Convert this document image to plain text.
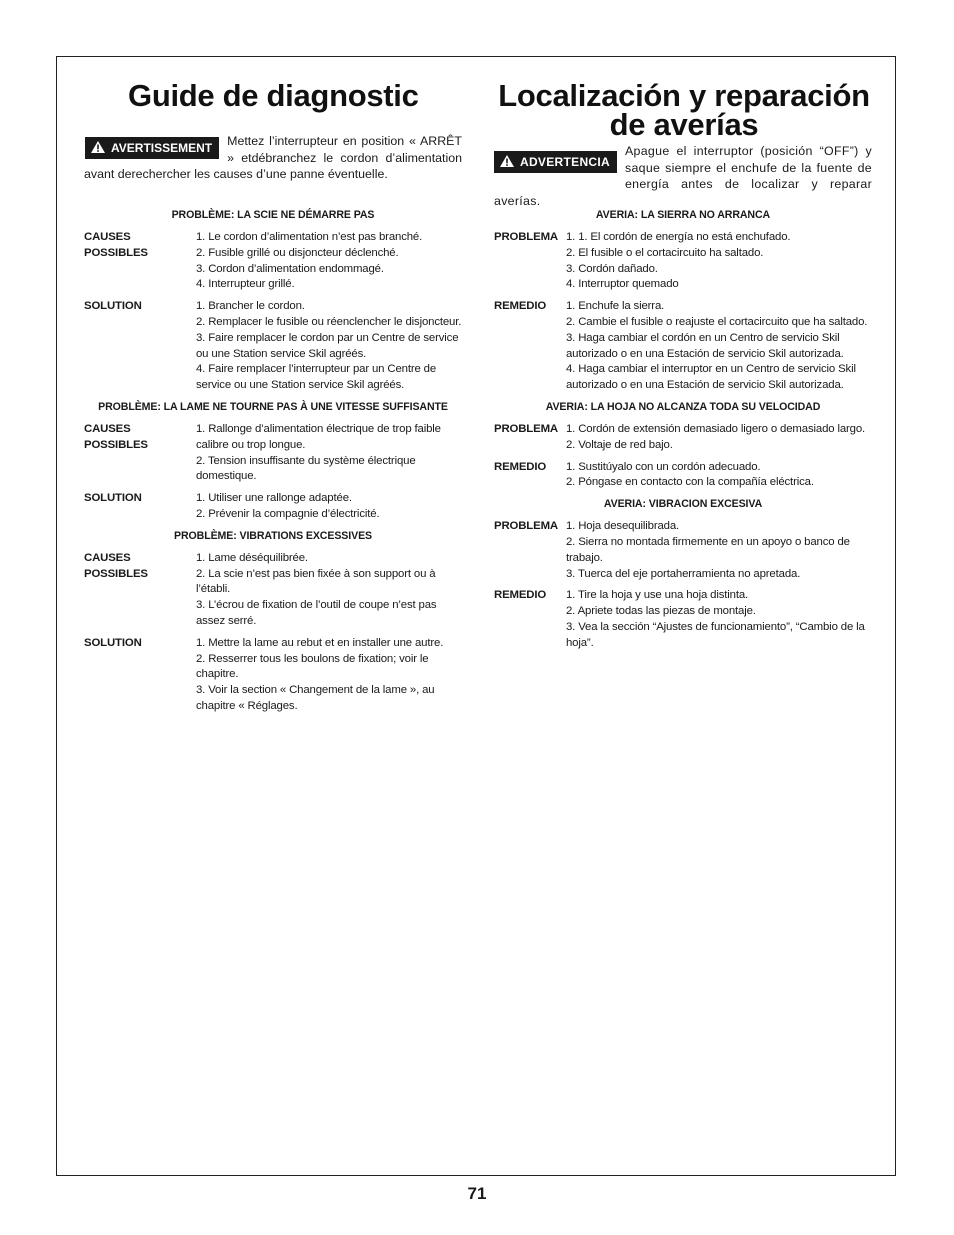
Guide de diagnostic
AVERTISSEMENT	Mettez l’interrupteur en position « ARRÊT » etdébranchez le cordon d’alimentation avant derechercher les causes d’une panne éventuelle.
PROBLÈME: LA SCIE NE DÉMARRE PAS
CAUSES POSSIBLES
1. Le cordon d’alimentation n’est pas branché.
2. Fusible grillé ou disjoncteur déclenché.
3. Cordon d’alimentation endommagé.
4. Interrupteur grillé.
SOLUTION	1. Brancher le cordon.
2. Remplacer le fusible ou réenclencher le disjoncteur.
3. Faire remplacer le cordon par un Centre de service ou une Station service Skil agréés.
4. Faire remplacer l’interrupteur par un Centre de service ou une Station service Skil agréés.
PROBLÈME: LA LAME NE TOURNE PAS À UNE VITESSE SUFFISANTE
CAUSES POSSIBLES
1. Rallonge d’alimentation électrique de trop faible calibre ou trop longue.
2. Tension insuffisante du système électrique domestique.
SOLUTION	1. Utiliser une rallonge adaptée.
2. Prévenir la compagnie d’électricité.
PROBLÈME: VIBRATIONS EXCESSIVES
CAUSES POSSIBLES
1. Lame déséquilibrée.
2. La scie n’est pas bien fixée à son support ou à l’établi.
3. L’écrou de fixation de l’outil de coupe n’est pas assez serré.
SOLUTION	1. Mettre la lame au rebut et en installer une autre.
2. Resserrer tous les boulons de fixation; voir le chapitre.
3. Voir la section « Changement de la lame », au chapitre « Réglages.
Localización y reparación de averías
ADVERTENCIA
Apague el interruptor (posición “OFF”) y saque siempre el enchufe de la fuente de energía antes de localizar y reparar averías.
AVERIA: LA SIERRA NO ARRANCA
PROBLEMA 1. 1. El cordón de energía no está enchufado.
2. El fusible o el cortacircuito ha saltado.
3. Cordón dañado.
4. Interruptor quemado
REMEDIO	1. Enchufe la sierra.
2. Cambie el fusible o reajuste el cortacircuito que ha saltado.
3. Haga cambiar el cordón en un Centro de servicio Skil autorizado o en una Estación de servicio Skil autorizada.
4. Haga cambiar el interruptor en un Centro de servicio Skil autorizado o en una Estación de servicio Skil autorizada.
AVERIA: LA HOJA NO ALCANZA TODA SU VELOCIDAD
PROBLEMA 1. Cordón de extensión demasiado ligero o demasiado largo.
2. Voltaje de red bajo.
REMEDIO	1. Sustitúyalo con un cordón adecuado.
2. Póngase en contacto con la compañía eléctrica.
AVERIA: VIBRACION EXCESIVA
PROBLEMA 1. Hoja desequilibrada.
2. Sierra no montada firmemente en un apoyo o banco de trabajo.
3. Tuerca del eje portaherramienta no apretada.
REMEDIO	1. Tire la hoja y use una hoja distinta.
2. Apriete todas las piezas de montaje.
3. Vea la sección “Ajustes de funcionamiento”, “Cambio de la hoja”.
71
